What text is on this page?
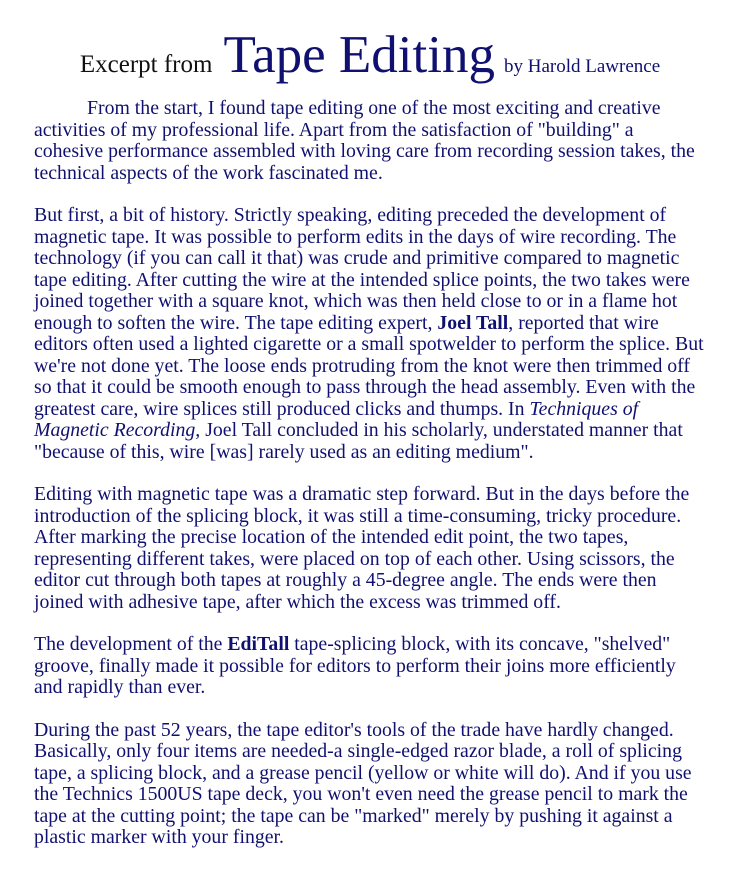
Excerpt from Tape Editing by Harold Lawrence

From the start, I found tape editing one of the most exciting and creative activities of my professional life. Apart from the satisfaction of "building" a cohesive performance assembled with loving care from recording session takes, the technical aspects of the work fascinated me.

But first, a bit of history. Strictly speaking, editing preceded the development of magnetic tape. It was possible to perform edits in the days of wire recording. The technology (if you can call it that) was crude and primitive compared to magnetic tape editing. After cutting the wire at the intended splice points, the two takes were joined together with a square knot, which was then held close to or in a flame hot enough to soften the wire. The tape editing expert, Joel Tall, reported that wire editors often used a lighted cigarette or a small spotwelder to perform the splice. But we're not done yet. The loose ends protruding from the knot were then trimmed off so that it could be smooth enough to pass through the head assembly. Even with the greatest care, wire splices still produced clicks and thumps. In Techniques of Magnetic Recording, Joel Tall concluded in his scholarly, understated manner that "because of this, wire [was] rarely used as an editing medium".

Editing with magnetic tape was a dramatic step forward. But in the days before the introduction of the splicing block, it was still a time-consuming, tricky procedure. After marking the precise location of the intended edit point, the two tapes, representing different takes, were placed on top of each other. Using scissors, the editor cut through both tapes at roughly a 45-degree angle. The ends were then joined with adhesive tape, after which the excess was trimmed off.

The development of the EdiTall tape-splicing block, with its concave, "shelved" groove, finally made it possible for editors to perform their joins more efficiently and rapidly than ever.

During the past 52 years, the tape editor's tools of the trade have hardly changed. Basically, only four items are needed-a single-edged razor blade, a roll of splicing tape, a splicing block, and a grease pencil (yellow or white will do). And if you use the Technics 1500US tape deck, you won't even need the grease pencil to mark the tape at the cutting point; the tape can be "marked" merely by pushing it against a plastic marker with your finger.
